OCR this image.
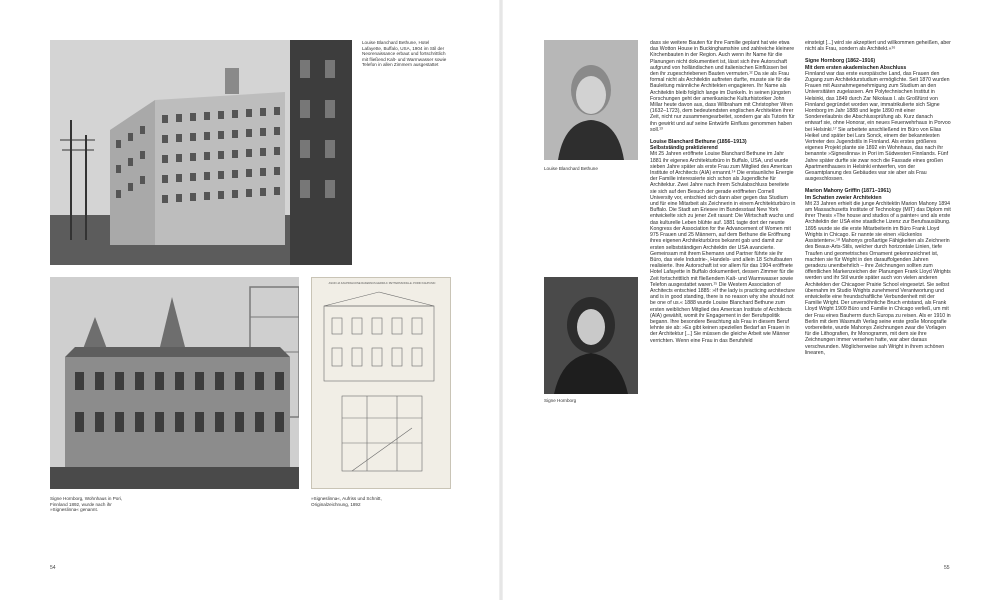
Louise Blanchard Bethune, Hotel
Lafayette, Buffalo, USA, 1904 im Stil der
Neorenaissance erbaut und fortschrittlich
mit fließend Kalt- und Warmwasser sowie
Telefon in allen Zimmern ausgestattet
Signe Hornborg, Wohnhaus in Pori,
Finnland 1892, wurde nach ihr
»Signeslinna« genannt.
ASUIN JA KAUPPAHUONE RAKENNUS HERRA F. PETTERSSONILLE. PORIN KAUPUNKI
»Signeslinna«, Aufriss und Schnitt,
Originalzeichnung, 1892
54
Louise Blanchard Bethune
Signe Hornborg

dass sie weitere Bauten für ihre Familie geplant hat wie etwa das Wotton House in Buckinghamshire und zahlreiche kleinere Kirchenbauten in der Region. Auch wenn ihr Name für die Planungen nicht dokumentiert ist, lässt sich ihre Autorschaft aufgrund von holländischen und italienischen Einflüssen bei den ihr zugeschriebenen Bauten vermuten.¹² Da sie als Frau formal nicht als Architektin auftreten durfte, musste sie für die Bauleitung männliche Architekten engagieren. Ihr Name als Architektin bleib folglich lange im Dunkeln. In seinen jüngsten Forschungen geht der amerikanische Kulturhistoriker John Millar heute davon aus, dass Wilbraham mit Christopher Wren (1632–1723), dem bedeutendsten englischen Architekten ihrer Zeit, nicht nur zusammengearbeitet, sondern gar als Tutorin für ihn gewirkt und auf seine Entwürfe Einfluss genommen haben soll.¹³

Louise Blanchard Bethune (1856–1913)

Selbstständig praktizierend

Mit 25 Jahren eröffnete Louise Blanchard Bethune im Jahr 1881 ihr eigenes Architekturbüro in Buffalo, USA, und wurde sieben Jahre später als erste Frau zum Mitglied des American Institute of Architects (AIA) ernannt.¹⁴ Die erstaunliche Energie der Familie interessierte sich schon als Jugendliche für Architektur. Zwei Jahre nach ihrem Schulabschluss bereitete sie sich auf den Besuch der gerade eröffneten Cornell University vor, entschied sich dann aber gegen das Studium und für eine Mitarbeit als Zeichnerin in einem Architekturbüro in Buffalo. Die Stadt am Eriesee im Bundesstaat New York entwickelte sich zu jener Zeit rasant: Die Wirtschaft wuchs und das kulturelle Leben blühte auf. 1881 tagte dort der neunte Kongress der Association for the Advancement of Women mit 975 Frauen und 25 Männern, auf dem Bethune die Eröffnung ihres eigenen Architekturbüros bekannt gab und damit zur ersten selbstständigen Architektin der USA avancierte. Gemeinsam mit ihrem Ehemann und Partner führte sie ihr Büro, das viele Industrie-, Handels- und allein 18 Schulbauten realisierte. Ihre Autorschaft ist vor allem für das 1904 eröffnete Hotel Lafayette in Buffalo dokumentiert, dessen Zimmer für die Zeit fortschrittlich mit fließendem Kalt- und Warmwasser sowie Telefon ausgestattet waren.¹⁵ Die Western Association of Architects entschied 1885: »If the lady is practicing architecture and is in good standing, there is no reason why she should not be one of us.« 1888 wurde Louise Blanchard Bethune zum ersten weiblichen Mitglied des American Institute of Architects (AIA) gewählt, womit ihr Engagement in der Berufspolitik begann. Ihre besondere Beachtung als Frau in diesem Beruf lehnte sie ab: »Es gibt keinen speziellen Bedarf an Frauen in der Architektur [...] Sie müssen die gleiche Arbeit wie Männer verrichten. Wenn eine Frau in das Berufsfeld

einsteigt [...] wird sie akzeptiert und willkommen geheißen, aber nicht als Frau, sondern als Architekt.«¹⁶

Signe Hornborg (1862–1916)

Mit dem ersten akademischen Abschluss

Finnland war das erste europäische Land, das Frauen den Zugang zum Architekturstudium ermöglichte. Seit 1870 wurden Frauen mit Ausnahmegenehmigung zum Studium an den Universitäten zugelassen. Am Polytechnischen Institut in Helsinki, das 1849 durch Zar Nikolaus I. als Großfürst von Finnland gegründet worden war, immatrikulierte sich Signe Hornborg im Jahr 1888 und legte 1890 mit einer Sondererlaubnis die Abschlussprüfung ab. Kurz danach entwarf sie, ohne Honorar, ein neues Feuerwehrhaus in Porvoo bei Helsinki.¹⁷ Sie arbeitete anschließend im Büro von Elias Heikel und später bei Lars Sonck, einem der bekanntesten Vertreter des Jugendstils in Finnland. Als erstes größeres eigenes Projekt plante sie 1892 ein Wohnhaus, das nach ihr benannte »Signeslinna« in Pori im Südwesten Finnlands. Fünf Jahre später durfte sie zwar noch die Fassade eines großen Apartmenthauses in Helsinki entwerfen, von der Gesamtplanung des Gebäudes war sie aber als Frau ausgeschlossen.

Marion Mahony Griffin (1871–1961)

Im Schatten zweier Architekten

Mit 23 Jahren erhielt die junge Architektin Marion Mahony 1894 am Massachusetts Institute of Technology (MIT) das Diplom mit ihrer Thesis »The house and studios of a painter« und als erste Architektin der USA eine staatliche Lizenz zur Berufsausübung. 1895 wurde sie die erste Mitarbeiterin im Büro Frank Lloyd Wrights in Chicago. Er nannte sie einen »lückenlos Assistenten«.¹⁸ Mahonys großartige Fähigkeiten als Zeichnerin des Beaux-Arts-Stils, welcher durch horizontale Linien, tiefe Traufen und geometrisches Ornament gekennzeichnet ist, machten sie für Wright in den darauffolgenden Jahren geradezu unentbehrlich – ihre Zeichnungen sollten zum öffentlichen Markenzeichen der Planungen Frank Lloyd Wrights werden und ihr Stil wurde später auch von vielen anderen Architekten der Chicagoer Prairie School eingesetzt. Sie selbst übernahm im Studio Wrights zunehmend Verantwortung und entwickelte eine freundschaftliche Verbundenheit mit der Familie Wright. Der unversöhnliche Bruch entstand, als Frank Lloyd Wright 1909 Büro und Familie in Chicago verließ, um mit der Frau eines Bauherrn durch Europa zu reisen. Als er 1910 in Berlin mit dem Wasmuth Verlag seine erste große Monografie vorbereitete, wurde Mahonys Zeichnungen zwar die Vorlagen für die Lithografien, ihr Monogramm, mit dem sie ihre Zeichnungen immer versehen hatte, war aber daraus verschwunden. Möglicherweise sah Wright in ihrem schönen linearen,

55
